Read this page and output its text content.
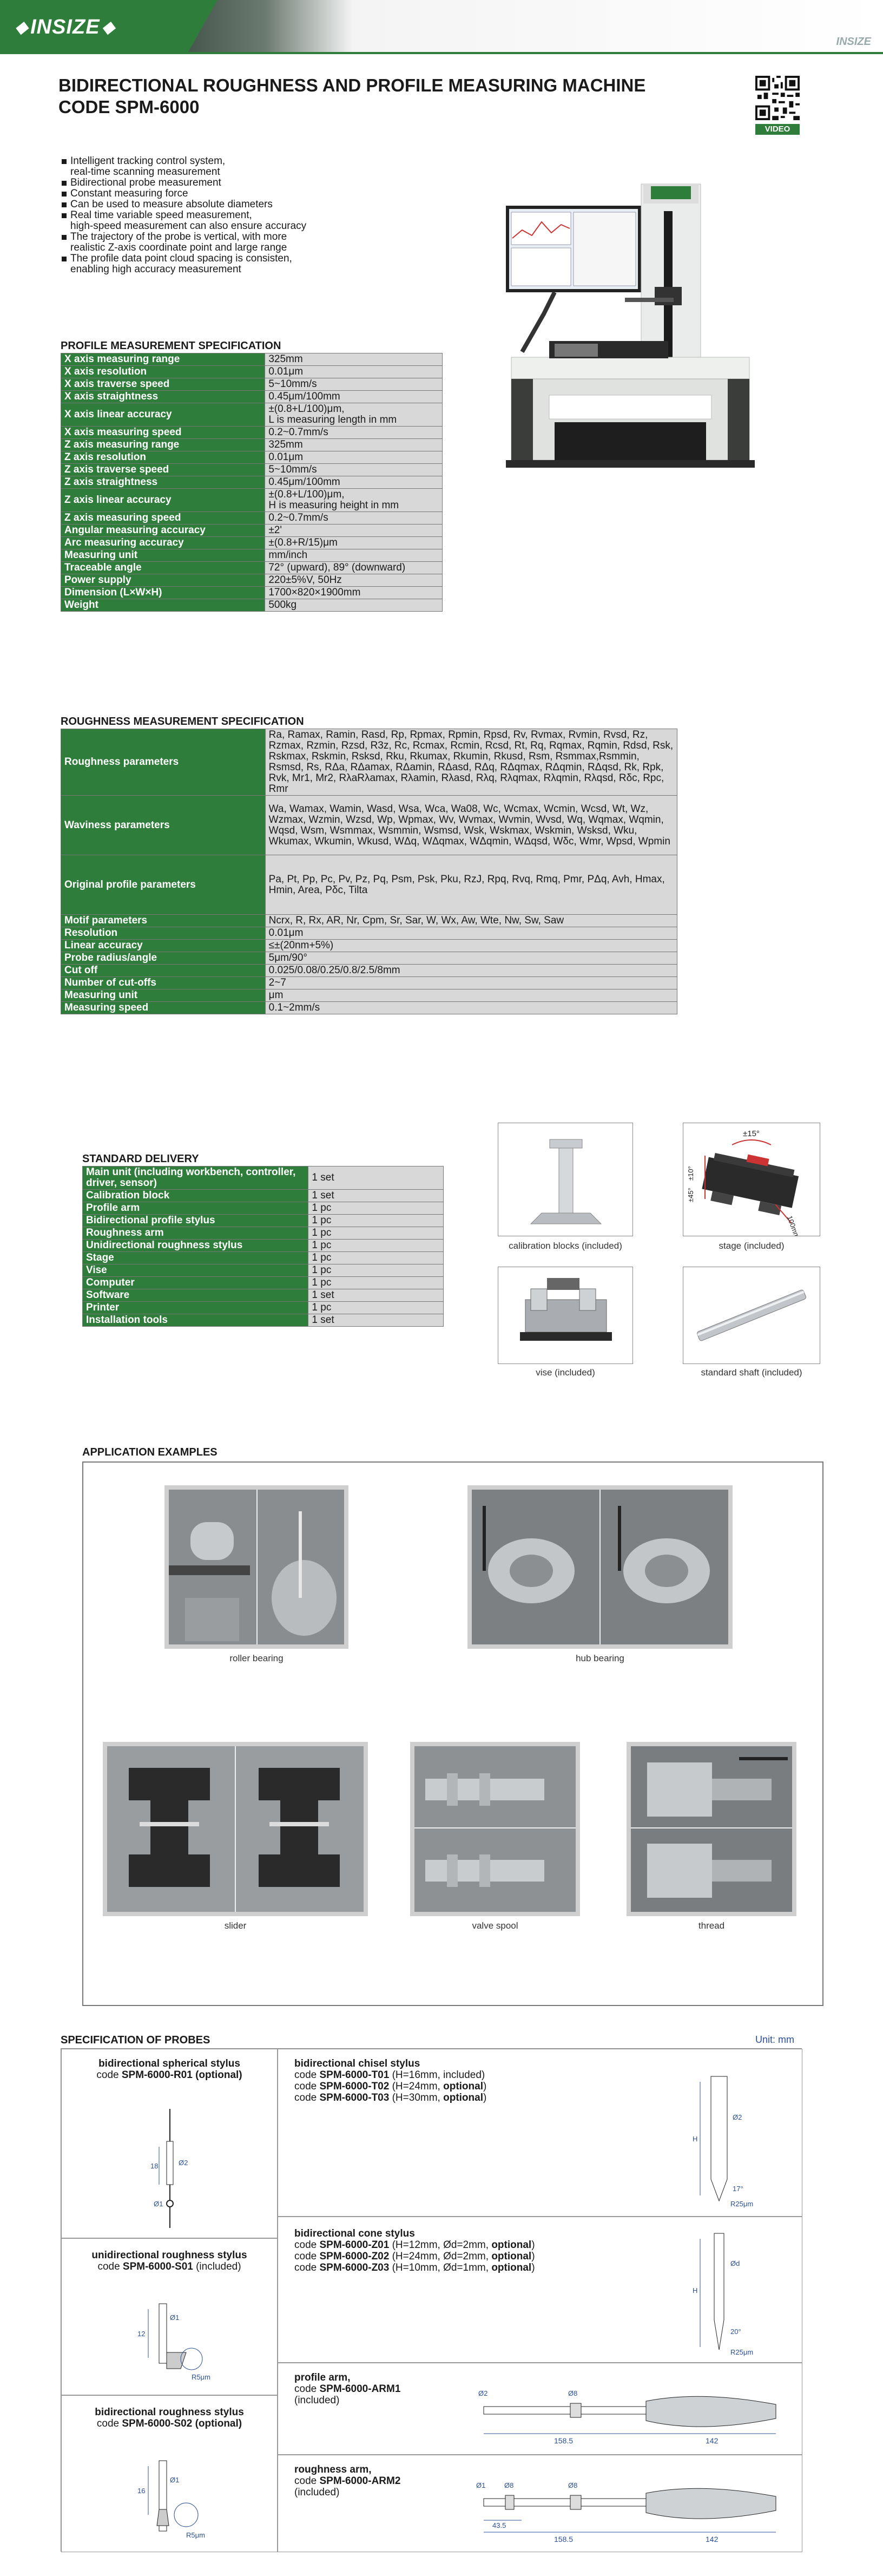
◆ INSIZE ◆
INSIZE
BIDIRECTIONAL ROUGHNESS AND PROFILE MEASURING MACHINE
CODE SPM-6000
VIDEO
Intelligent tracking control system,
real-time scanning measurement
Bidirectional probe measurement
Constant measuring force
Can be used to measure absolute diameters
Real time variable speed measurement,
high-speed measurement can also ensure accuracy
The trajectory of the probe is vertical, with more
realistic Z-axis coordinate point and large range
The profile data point cloud spacing is consisten,
enabling high accuracy measurement
PROFILE MEASUREMENT SPECIFICATION
X axis measuring range	325mm
X axis resolution	0.01μm
X axis traverse speed	5~10mm/s
X axis straightness	0.45μm/100mm
X axis linear accuracy	±(0.8+L/100)μm,
L is measuring length in mm

X axis measuring speed	0.2~0.7mm/s
Z axis measuring range	325mm
Z axis resolution	0.01μm
Z axis traverse speed	5~10mm/s
Z axis straightness	0.45μm/100mm
Z axis linear accuracy	±(0.8+L/100)μm,
H is measuring height in mm

Z axis measuring speed	0.2~0.7mm/s
Angular measuring accuracy	±2'
Arc measuring accuracy	±(0.8+R/15)μm
Measuring unit	mm/inch
Traceable angle	72° (upward), 89° (downward)
Power supply	220±5%V, 50Hz
Dimension (L×W×H)	1700×820×1900mm
Weight	500kg
ROUGHNESS MEASUREMENT SPECIFICATION
Roughness parameters	Ra, Ramax, Ramin, Rasd, Rp, Rpmax, Rpmin, Rpsd, Rv, Rvmax, Rvmin, Rvsd, Rz, Rzmax, Rzmin, Rzsd, R3z, Rc, Rcmax, Rcmin, Rcsd, Rt, Rq, Rqmax, Rqmin, Rdsd, Rsk, Rskmax, Rskmin, Rsksd, Rku, Rkumax, Rkumin, Rkusd, Rsm, Rsmmax,Rsmmin, Rsmsd, Rs, RΔa, RΔamax, RΔamin, RΔasd, RΔq, RΔqmax, RΔqmin, RΔqsd, Rk, Rpk, Rvk, Mr1, Mr2, RλaRλamax, Rλamin, Rλasd, Rλq, Rλqmax, Rλqmin, Rλqsd, Rδc, Rpc, Rmr
Waviness parameters	Wa, Wamax, Wamin, Wasd, Wsa, Wca, Wa08, Wc, Wcmax, Wcmin, Wcsd, Wt, Wz, Wzmax, Wzmin, Wzsd, Wp, Wpmax, Wv, Wvmax, Wvmin, Wvsd, Wq, Wqmax, Wqmin, Wqsd, Wsm, Wsmmax, Wsmmin, Wsmsd, Wsk, Wskmax, Wskmin, Wsksd, Wku, Wkumax, Wkumin, Wkusd, WΔq, WΔqmax, WΔqmin, WΔqsd, Wδc, Wmr, Wpsd, Wpmin
Original profile parameters	Pa, Pt, Pp, Pc, Pv, Pz, Pq, Psm, Psk, Pku, RzJ, Rpq, Rvq, Rmq, Pmr, PΔq, Avh, Hmax, Hmin, Area, Pδc, Tilta
Motif parameters	Ncrx, R, Rx, AR, Nr, Cpm, Sr, Sar, W, Wx, Aw, Wte, Nw, Sw, Saw
Resolution	0.01μm
Linear accuracy	≤±(20nm+5%)
Probe radius/angle	5μm/90°
Cut off	0.025/0.08/0.25/0.8/2.5/8mm
Number of cut-offs	2~7
Measuring unit	μm
Measuring speed	0.1~2mm/s
STANDARD DELIVERY
Main unit (including workbench, controller, driver, sensor)	1 set
Calibration block	1 set
Profile arm	1 pc
Bidirectional profile stylus	1 pc
Roughness arm	1 pc
Unidirectional roughness stylus	1 pc
Stage	1 pc
Vise	1 pc
Computer	1 pc
Software	1 set
Printer	1 pc
Installation tools	1 set
calibration blocks (included)
±15°
±10°
±45°
100mm
stage (included)
vise (included)	standard shaft (included)
APPLICATION EXAMPLES
roller bearing	hub bearing
slider	valve spool	thread
SPECIFICATION OF PROBES	Unit: mm
bidirectional spherical stylus
code SPM-6000-R01 (optional)
18	Ø2
Ø1
unidirectional roughness stylus
code SPM-6000-S01 (included)
12
Ø1
R5μm
bidirectional roughness stylus
code SPM-6000-S02 (optional)
16
Ø1
R5μm
bidirectional chisel stylus
code SPM-6000-T01 (H=16mm, included)
code SPM-6000-T02 (H=24mm, optional)
code SPM-6000-T03 (H=30mm, optional)
H
Ø2
17°
R25μm
bidirectional cone stylus
code SPM-6000-Z01 (H=12mm, Ød=2mm, optional)
code SPM-6000-Z02 (H=24mm, Ød=2mm, optional)
code SPM-6000-Z03 (H=10mm, Ød=1mm, optional)
H
Ød
20°
R25μm
profile arm,
code SPM-6000-ARM1
(included)
Ø2	Ø8
158.5	142
roughness arm,
code SPM-6000-ARM2
(included)
Ø1	Ø8	Ø8
43.5
158.5	142
